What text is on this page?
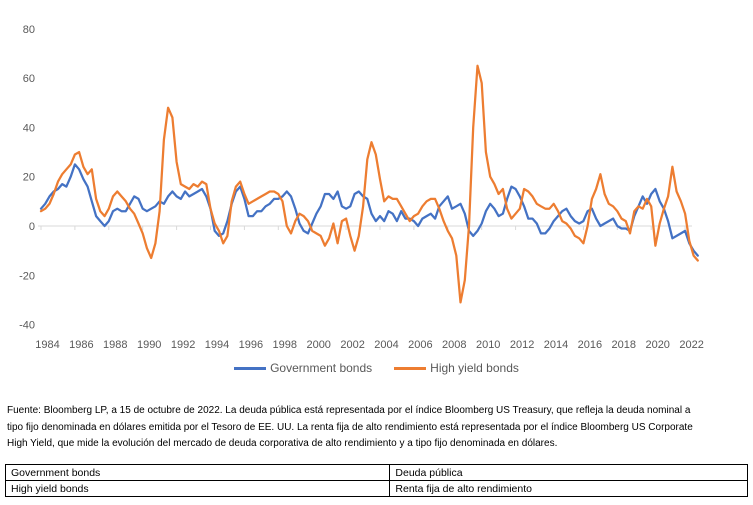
1984 1986 1988 1990 1992 1994 1996 1998 2000 2002 2004 2006 2008 2010 2012 2014 2016 2018 2020 2022
80
60
40
20
0
-20
-40
Government bonds	High yield bonds
Fuente: Bloomberg LP, a 15 de octubre de 2022. La deuda pública está representada por el índice Bloomberg US Treasury, que refleja la deuda nominal a
tipo fijo denominada en dólares emitida por el Tesoro de EE. UU. La renta fija de alto rendimiento está representada por el índice Bloomberg US Corporate
High Yield, que mide la evolución del mercado de deuda corporativa de alto rendimiento y a tipo fijo denominada en dólares.
Government bonds	Deuda pública
High yield bonds	Renta fija de alto rendimiento
